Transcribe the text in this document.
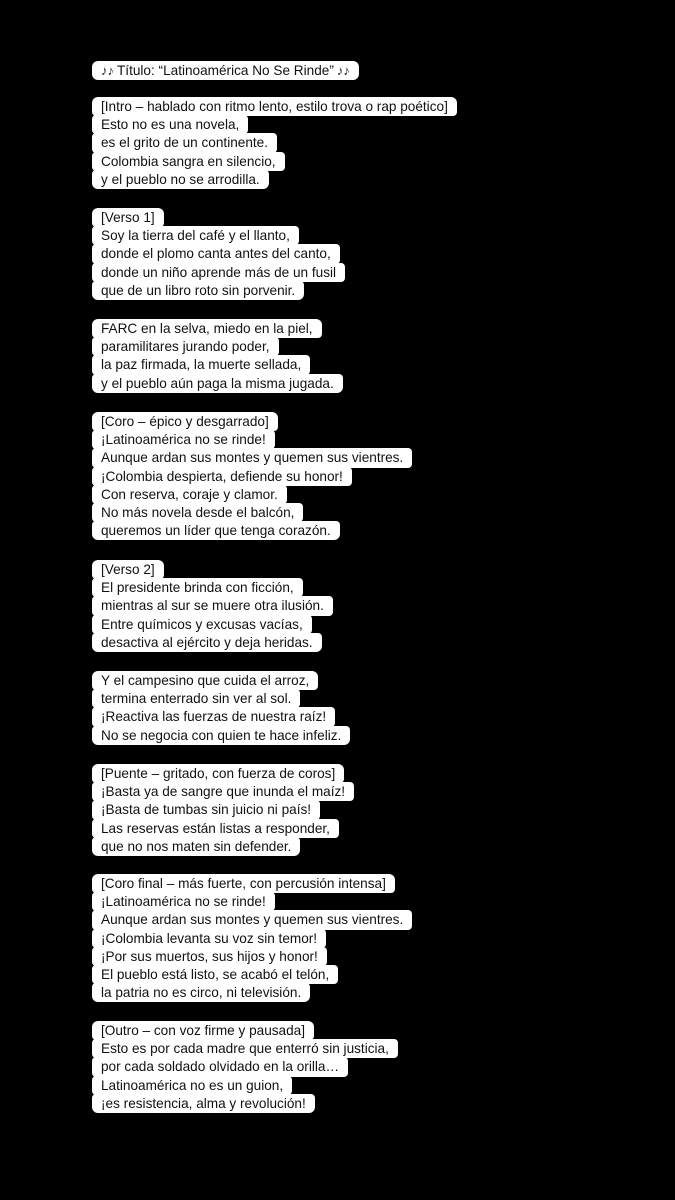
♪♪ Título: “Latinoamérica No Se Rinde” ♪♪
[Intro – hablado con ritmo lento, estilo trova o rap poético]
Esto no es una novela,
es el grito de un continente.
Colombia sangra en silencio,
y el pueblo no se arrodilla.
[Verso 1]
Soy la tierra del café y el llanto,
donde el plomo canta antes del canto,
donde un niño aprende más de un fusil
que de un libro roto sin porvenir.
FARC en la selva, miedo en la piel,
paramilitares jurando poder,
la paz firmada, la muerte sellada,
y el pueblo aún paga la misma jugada.
[Coro – épico y desgarrado]
¡Latinoamérica no se rinde!
Aunque ardan sus montes y quemen sus vientres.
¡Colombia despierta, defiende su honor!
Con reserva, coraje y clamor.
No más novela desde el balcón,
queremos un líder que tenga corazón.
[Verso 2]
El presidente brinda con ficción,
mientras al sur se muere otra ilusión.
Entre químicos y excusas vacías,
desactiva al ejército y deja heridas.
Y el campesino que cuida el arroz,
termina enterrado sin ver al sol.
¡Reactiva las fuerzas de nuestra raíz!
No se negocia con quien te hace infeliz.
[Puente – gritado, con fuerza de coros]
¡Basta ya de sangre que inunda el maíz!
¡Basta de tumbas sin juicio ni país!
Las reservas están listas a responder,
que no nos maten sin defender.
[Coro final – más fuerte, con percusión intensa]
¡Latinoamérica no se rinde!
Aunque ardan sus montes y quemen sus vientres.
¡Colombia levanta su voz sin temor!
¡Por sus muertos, sus hijos y honor!
El pueblo está listo, se acabó el telón,
la patria no es circo, ni televisión.
[Outro – con voz firme y pausada]
Esto es por cada madre que enterró sin justicia,
por cada soldado olvidado en la orilla…
Latinoamérica no es un guion,
¡es resistencia, alma y revolución!
